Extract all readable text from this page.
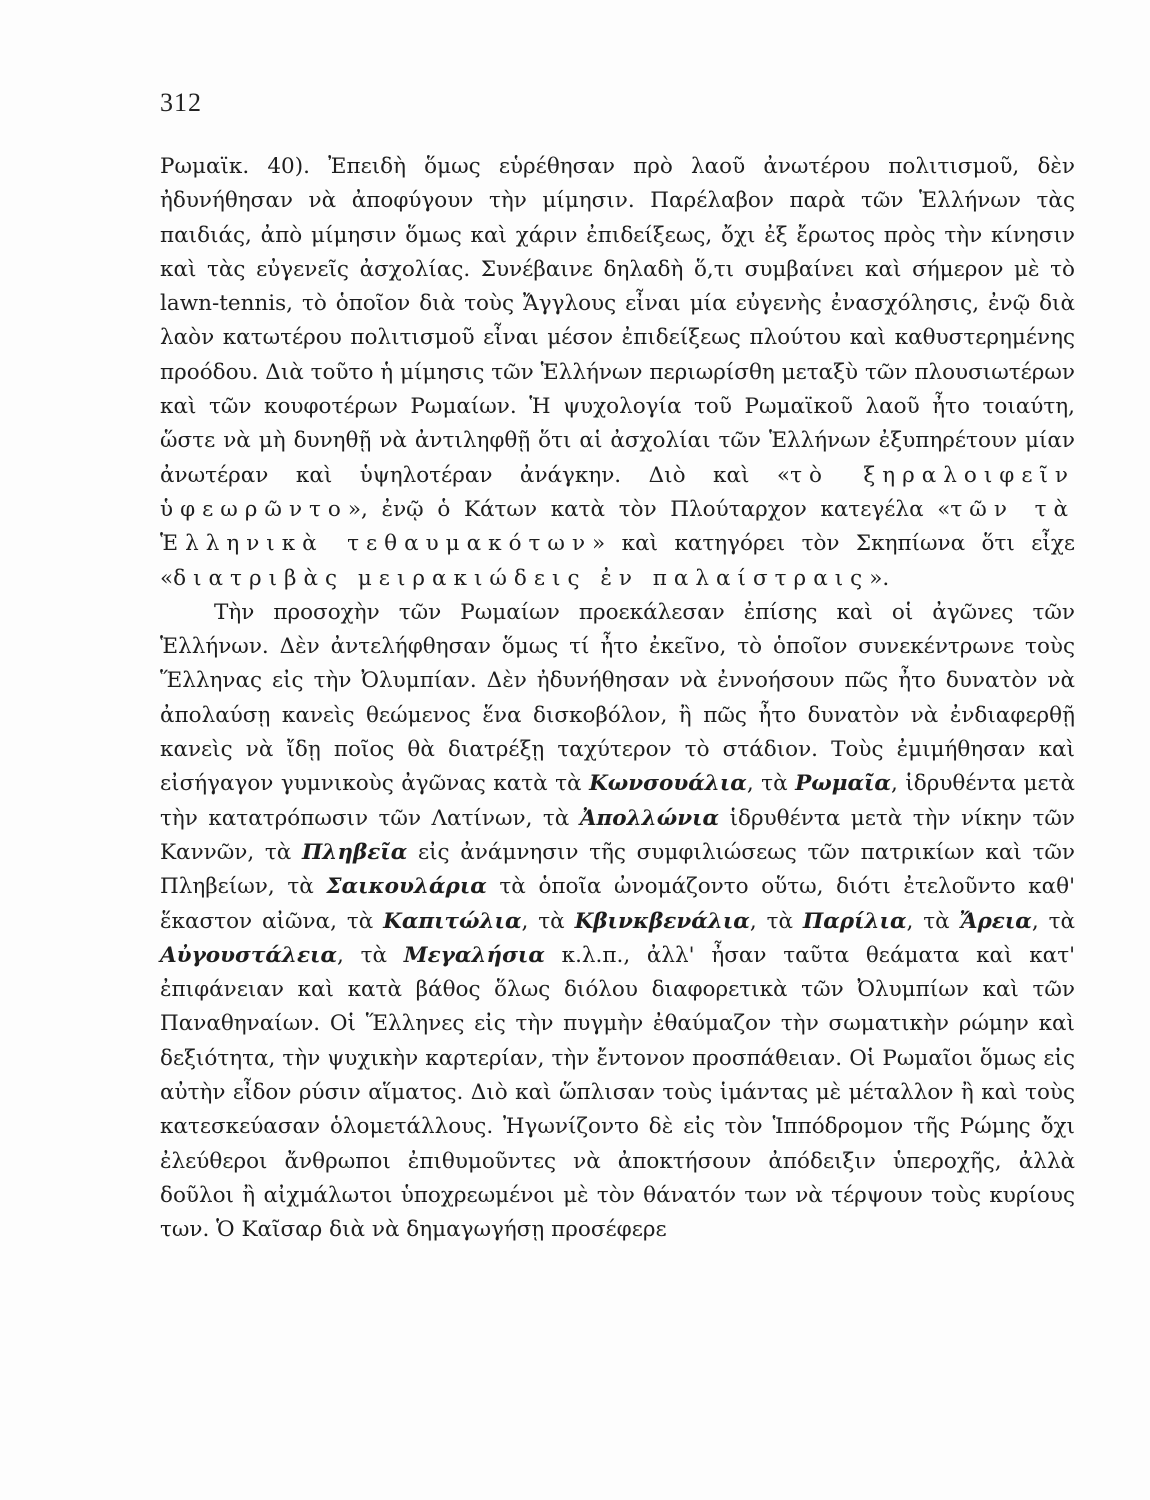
312

Ρωμαϊκ. 40). Ἐπειδὴ ὅμως εὑρέθησαν πρὸ λαοῦ ἀνωτέρου πολιτισμοῦ, δὲν ἠδυνήθησαν νὰ ἀποφύγουν τὴν μίμησιν. Παρέλαβον παρὰ τῶν Ἑλλήνων τὰς παιδιάς, ἀπὸ μίμησιν ὅμως καὶ χάριν ἐπιδείξεως, ὄχι ἐξ ἔρωτος πρὸς τὴν κίνησιν καὶ τὰς εὐγενεῖς ἀσχολίας. Συνέβαινε δηλαδὴ ὅ,τι συμβαίνει καὶ σήμερον μὲ τὸ lawn-tennis, τὸ ὁποῖον διὰ τοὺς Ἄγγλους εἶναι μία εὐγενὴς ἐνασχόλησις, ἐνῷ διὰ λαὸν κατωτέρου πολιτισμοῦ εἶναι μέσον ἐπιδείξεως πλούτου καὶ καθυστερημένης προόδου. Διὰ τοῦτο ἡ μίμησις τῶν Ἑλλήνων περιωρίσθη μεταξὺ τῶν πλουσιωτέρων καὶ τῶν κουφοτέρων Ρωμαίων. Ἡ ψυχολογία τοῦ Ρωμαϊκοῦ λαοῦ ἦτο τοιαύτη, ὥστε νὰ μὴ δυνηθῇ νὰ ἀντιληφθῇ ὅτι αἱ ἀσχολίαι τῶν Ἑλλήνων ἐξυπηρέτουν μίαν ἀνωτέραν καὶ ὑψηλοτέραν ἀνάγκην. Διὸ καὶ «τὸ ξηραλοιφεῖν ὑφεωρῶντο», ἐνῷ ὁ Κάτων κατὰ τὸν Πλούταρχον κατεγέλα «τῶν τὰ Ἑλληνικὰ τεθαυμακότων» καὶ κατηγόρει τὸν Σκηπίωνα ὅτι εἶχε «διατριβὰς μειρακιώδεις ἐν παλαίστραις».

Τὴν προσοχὴν τῶν Ρωμαίων προεκάλεσαν ἐπίσης καὶ οἱ ἀγῶνες τῶν Ἑλλήνων. Δὲν ἀντελήφθησαν ὅμως τί ἦτο ἐκεῖνο, τὸ ὁποῖον συνεκέντρωνε τοὺς Ἕλληνας εἰς τὴν Ὀλυμπίαν. Δὲν ἠδυνήθησαν νὰ ἐννοήσουν πῶς ἦτο δυνατὸν νὰ ἀπολαύσῃ κανεὶς θεώμενος ἕνα δισκοβόλον, ἢ πῶς ἦτο δυνατὸν νὰ ἐνδιαφερθῇ κανεὶς νὰ ἴδῃ ποῖος θὰ διατρέξῃ ταχύτερον τὸ στάδιον. Τοὺς ἐμιμήθησαν καὶ εἰσήγαγον γυμνικοὺς ἀγῶνας κατὰ τὰ Κωνσουάλια, τὰ Ρωμαῖα, ἱδρυθέντα μετὰ τὴν κατατρόπωσιν τῶν Λατίνων, τὰ Ἀπολλώνια ἱδρυθέντα μετὰ τὴν νίκην τῶν Καννῶν, τὰ Πληβεῖα εἰς ἀνάμνησιν τῆς συμφιλιώσεως τῶν πατρικίων καὶ τῶν Πληβείων, τὰ Σαικουλάρια τὰ ὁποῖα ὠνομάζοντο οὕτω, διότι ἐτελοῦντο καθ' ἕκαστον αἰῶνα, τὰ Καπιτώλια, τὰ Κβινκβενάλια, τὰ Παρίλια, τὰ Ἄρεια, τὰ Αὐγουστάλεια, τὰ Μεγαλήσια κ.λ.π., ἀλλ' ἦσαν ταῦτα θεάματα καὶ κατ' ἐπιφάνειαν καὶ κατὰ βάθος ὅλως διόλου διαφορετικὰ τῶν Ὀλυμπίων καὶ τῶν Παναθηναίων. Οἱ Ἕλληνες εἰς τὴν πυγμὴν ἐθαύμαζον τὴν σωματικὴν ρώμην καὶ δεξιότητα, τὴν ψυχικὴν καρτερίαν, τὴν ἔντονον προσπάθειαν. Οἱ Ρωμαῖοι ὅμως εἰς αὐτὴν εἶδον ρύσιν αἵματος. Διὸ καὶ ὥπλισαν τοὺς ἱμάντας μὲ μέταλλον ἢ καὶ τοὺς κατεσκεύασαν ὁλομετάλλους. Ἠγωνίζοντο δὲ εἰς τὸν Ἱππόδρομον τῆς Ρώμης ὄχι ἐλεύθεροι ἄνθρωποι ἐπιθυμοῦντες νὰ ἀποκτήσουν ἀπόδειξιν ὑπεροχῆς, ἀλλὰ δοῦλοι ἢ αἰχμάλωτοι ὑποχρεωμένοι μὲ τὸν θάνατόν των νὰ τέρψουν τοὺς κυρίους των. Ὁ Καῖσαρ διὰ νὰ δημαγωγήσῃ προσέφερε
